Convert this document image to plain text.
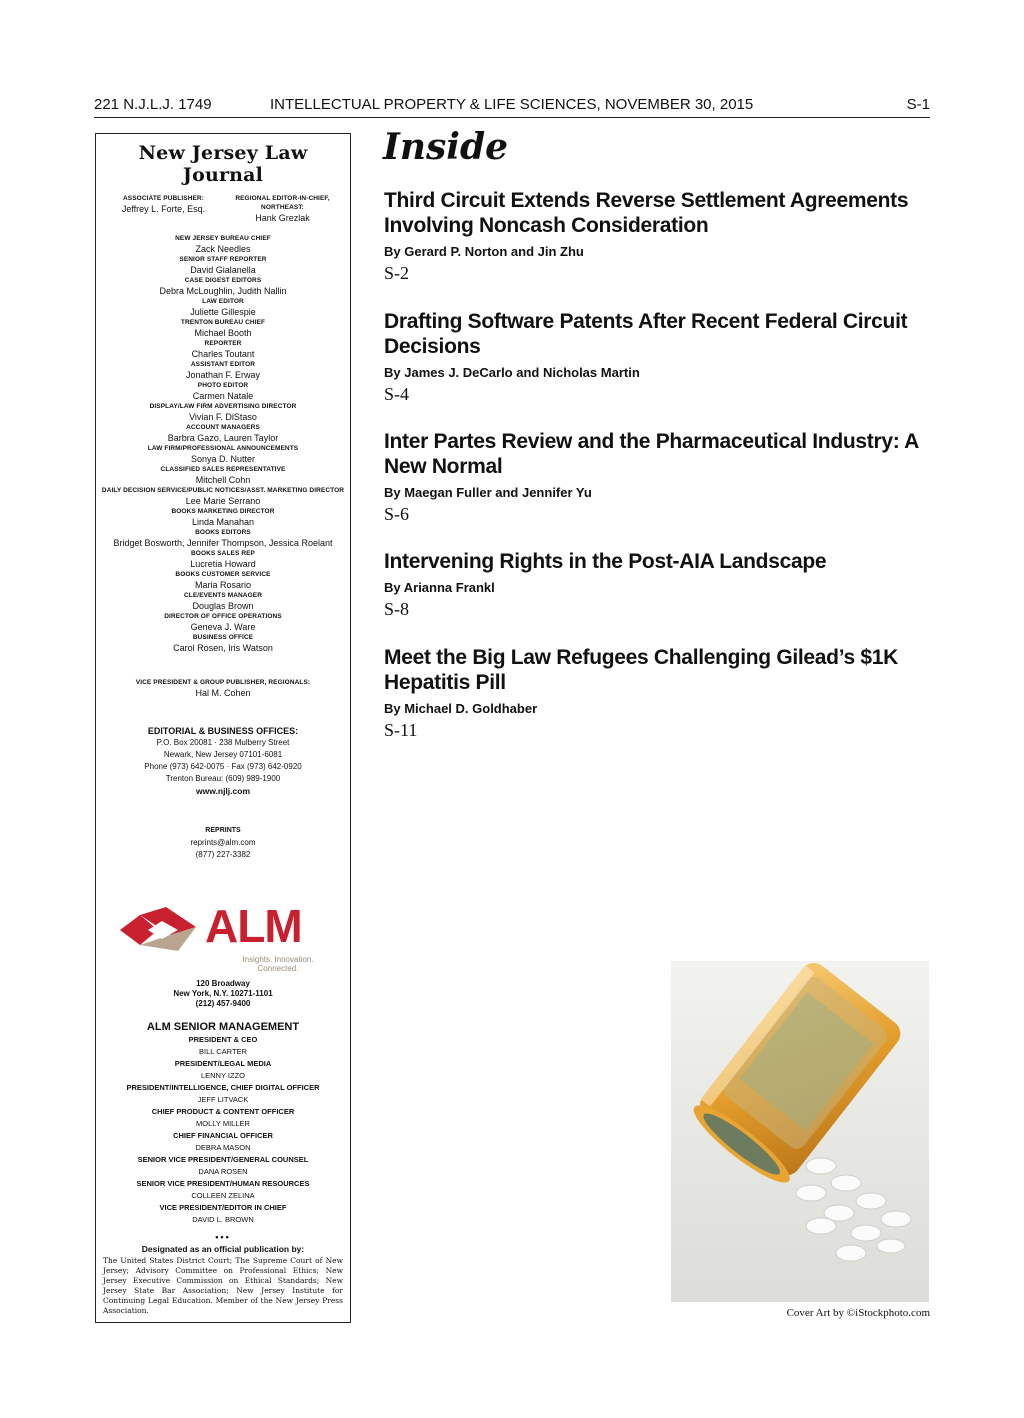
221 N.J.L.J. 1749	INTELLECTUAL PROPERTY & LIFE SCIENCES, NOVEMBER 30, 2015	S-1
New Jersey Law Journal
ASSOCIATE PUBLISHER:
Jeffrey L. Forte, Esq.
REGIONAL EDITOR-IN-CHIEF, NORTHEAST:
Hank Grezlak
NEW JERSEY BUREAU CHIEF
Zack Needles
SENIOR STAFF REPORTER
David Gialanella
CASE DIGEST EDITORS
Debra McLoughlin, Judith Nallin
LAW EDITOR
Juliette Gillespie
TRENTON BUREAU CHIEF
Michael Booth
REPORTER
Charles Toutant
ASSISTANT EDITOR
Jonathan F. Erway
PHOTO EDITOR
Carmen Natale
DISPLAY/LAW FIRM ADVERTISING DIRECTOR
Vivian F. DiStaso
ACCOUNT MANAGERS
Barbra Gazo, Lauren Taylor
LAW FIRM/PROFESSIONAL ANNOUNCEMENTS
Sonya D. Nutter
CLASSIFIED SALES REPRESENTATIVE
Mitchell Cohn
DAILY DECISION SERVICE/PUBLIC NOTICES/ASST. MARKETING DIRECTOR
Lee Marie Serrano
BOOKS MARKETING DIRECTOR
Linda Manahan
BOOKS EDITORS
Bridget Bosworth, Jennifer Thompson, Jessica Roelant
BOOKS SALES REP
Lucretia Howard
BOOKS CUSTOMER SERVICE
Maria Rosario
CLE/EVENTS MANAGER
Douglas Brown
DIRECTOR OF OFFICE OPERATIONS
Geneva J. Ware
BUSINESS OFFICE
Carol Rosen, Iris Watson
VICE PRESIDENT & GROUP PUBLISHER, REGIONALS:
Hal M. Cohen
EDITORIAL & BUSINESS OFFICES:
P.O. Box 20081 · 238 Mulberry Street
Newark, New Jersey 07101-6081
Phone (973) 642-0075 · Fax (973) 642-0920
Trenton Bureau: (609) 989-1900
www.njlj.com
REPRINTS
reprints@alm.com
(877) 227-3382
ALM
Insights. Innovation. Connected.
120 Broadway
New York, N.Y. 10271-1101
(212) 457-9400
ALM SENIOR MANAGEMENT
PRESIDENT & CEO
BILL CARTER
PRESIDENT/LEGAL MEDIA
LENNY IZZO
PRESIDENT/INTELLIGENCE, CHIEF DIGITAL OFFICER
JEFF LITVACK
CHIEF PRODUCT & CONTENT OFFICER
MOLLY MILLER
CHIEF FINANCIAL OFFICER
DEBRA MASON
SENIOR VICE PRESIDENT/GENERAL COUNSEL
DANA ROSEN
SENIOR VICE PRESIDENT/HUMAN RESOURCES
COLLEEN ZELINA
VICE PRESIDENT/EDITOR IN CHIEF
DAVID L. BROWN
•••
Designated as an official publication by:
The United States District Court; The Supreme Court of New Jersey; Advisory Committee on Professional Ethics; New Jersey Executive Commission on Ethical Standards; New Jersey State Bar Association; New Jersey Institute for Continuing Legal Education. Member of the New Jersey Press Association.
Inside
Third Circuit Extends Reverse Settlement Agreements Involving Noncash Consideration
By Gerard P. Norton and Jin Zhu
S-2
Drafting Software Patents After Recent Federal Circuit Decisions
By James J. DeCarlo and Nicholas Martin
S-4
Inter Partes Review and the Pharmaceutical Industry: A New Normal
By Maegan Fuller and Jennifer Yu
S-6
Intervening Rights in the Post-AIA Landscape
By Arianna Frankl
S-8
Meet the Big Law Refugees Challenging Gilead’s $1K Hepatitis Pill
By Michael D. Goldhaber
S-11
Cover Art by ©iStockphoto.com
